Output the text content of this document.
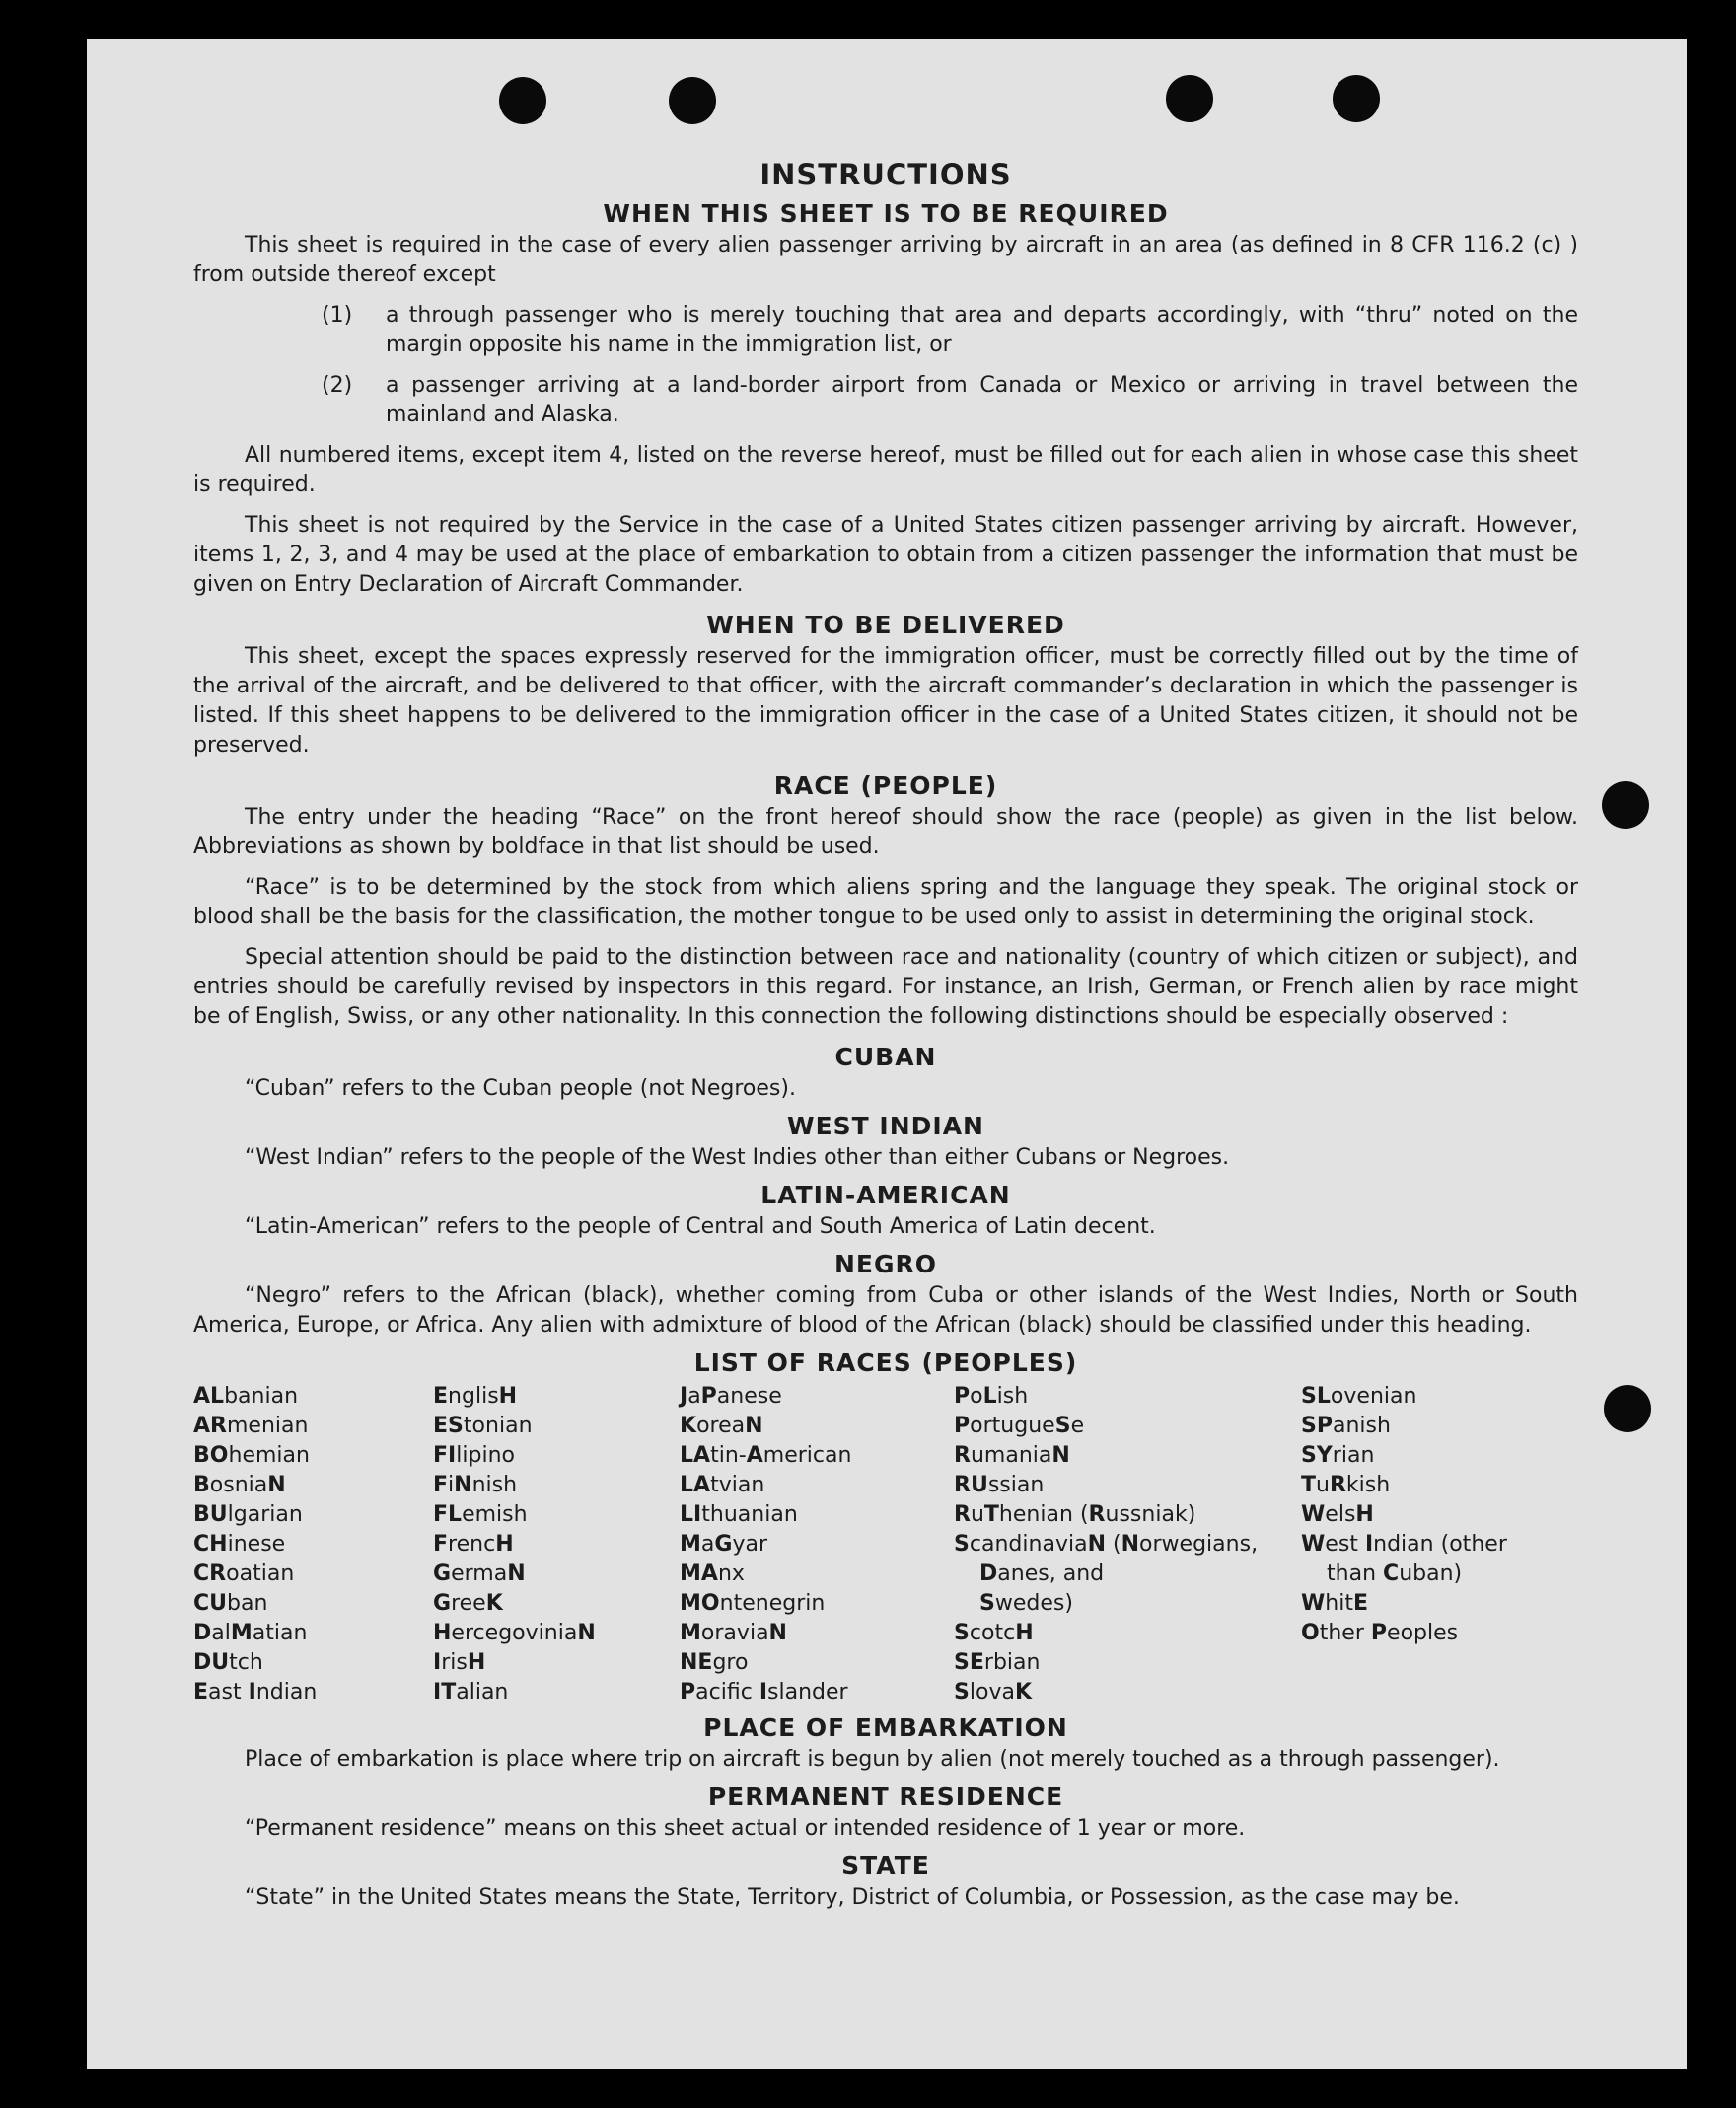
INSTRUCTIONS
WHEN THIS SHEET IS TO BE REQUIRED

This sheet is required in the case of every alien passenger arriving by aircraft in an area (as defined in 8 CFR 116.2 (c) ) from outside thereof except

(1)	a through passenger who is merely touching that area and departs accordingly, with “thru” noted on the margin opposite his name in the immigration list, or
(2)	a passenger arriving at a land-border airport from Canada or Mexico or arriving in travel between the mainland and Alaska.

All numbered items, except item 4, listed on the reverse hereof, must be filled out for each alien in whose case this sheet is required.

This sheet is not required by the Service in the case of a United States citizen passenger arriving by aircraft. However, items 1, 2, 3, and 4 may be used at the place of embarkation to obtain from a citizen passenger the information that must be given on Entry Declaration of Aircraft Commander.

WHEN TO BE DELIVERED

This sheet, except the spaces expressly reserved for the immigration officer, must be correctly filled out by the time of the arrival of the aircraft, and be delivered to that officer, with the aircraft commander’s declaration in which the passenger is listed. If this sheet happens to be delivered to the immigration officer in the case of a United States citizen, it should not be preserved.

RACE (PEOPLE)

The entry under the heading “Race” on the front hereof should show the race (people) as given in the list below. Abbreviations as shown by boldface in that list should be used.

“Race” is to be determined by the stock from which aliens spring and the language they speak. The original stock or blood shall be the basis for the classification, the mother tongue to be used only to assist in determining the original stock.

Special attention should be paid to the distinction between race and nationality (country of which citizen or subject), and entries should be carefully revised by inspectors in this regard. For instance, an Irish, German, or French alien by race might be of English, Swiss, or any other nationality. In this connection the following distinctions should be especially observed :

CUBAN

“Cuban” refers to the Cuban people (not Negroes).

WEST INDIAN

“West Indian” refers to the people of the West Indies other than either Cubans or Negroes.

LATIN-AMERICAN

“Latin-American” refers to the people of Central and South America of Latin decent.

NEGRO

“Negro” refers to the African (black), whether coming from Cuba or other islands of the West Indies, North or South America, Europe, or Africa. Any alien with admixture of blood of the African (black) should be classified under this heading.

LIST OF RACES (PEOPLES)
ALbanian
ARmenian
BOhemian
BosniaN
BUlgarian
CHinese
CRoatian
CUban
DalMatian
DUtch
East Indian
EnglisH
EStonian
FIlipino
FiNnish
FLemish
FrencH
GermaN
GreeK
HercegoviniaN
IrisH
ITalian
JaPanese
KoreaN
LAtin-American
LAtvian
LIthuanian
MaGyar
MAnx
MOntenegrin
MoraviaN
NEgro
Pacifc Islander
PoLish
PortugueSe
RumaniaN
RUssian
RuThenian (Russniak)
ScandinaviaN (Norwegians,
Danes, and
Swedes)
ScotcH
SErbian
SlovaK
SLovenian
SPanish
SYrian
TuRkish
WelsH
West Indian (other
than Cuban)
WhitE
Other Peoples
PLACE OF EMBARKATION

Place of embarkation is place where trip on aircraft is begun by alien (not merely touched as a through passenger).

PERMANENT RESIDENCE

“Permanent residence” means on this sheet actual or intended residence of 1 year or more.

STATE

“State” in the United States means the State, Territory, District of Columbia, or Possession, as the case may be.
